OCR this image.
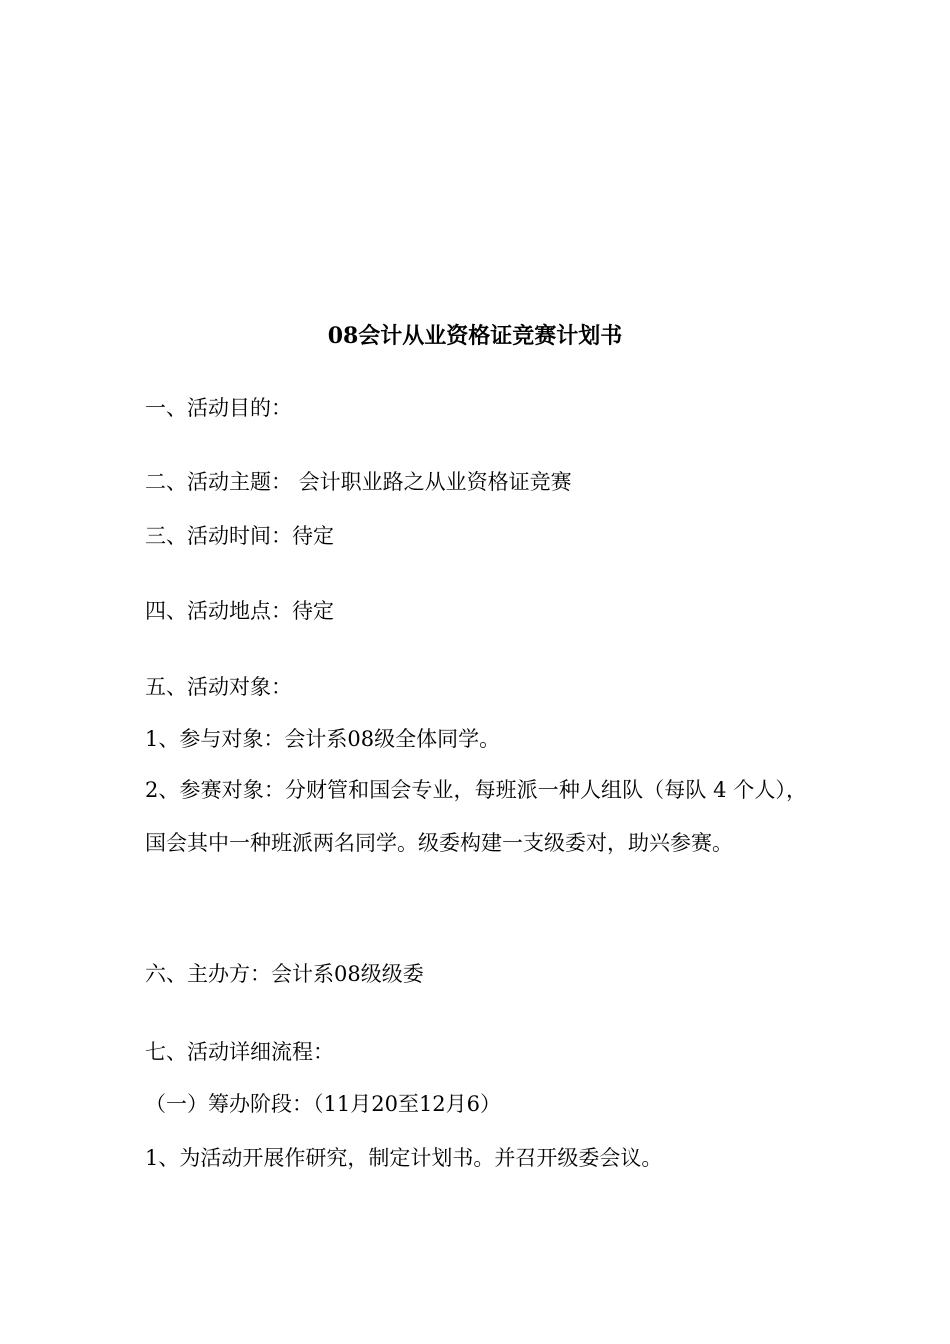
08会计从业资格证竞赛计划书
一、活动目的：
二、活动主题： 会计职业路之从业资格证竞赛
三、活动时间：待定
四、活动地点：待定
五、活动对象：
1、参与对象：会计系08级全体同学。
2、参赛对象：分财管和国会专业，每班派一种人组队（每队 4 个人），国会其中一种班派两名同学。级委构建一支级委对，助兴参赛。
六、主办方：会计系08级级委
七、活动详细流程：
（一）筹办阶段：（11月20至12月6）
1、为活动开展作研究，制定计划书。并召开级委会议。
